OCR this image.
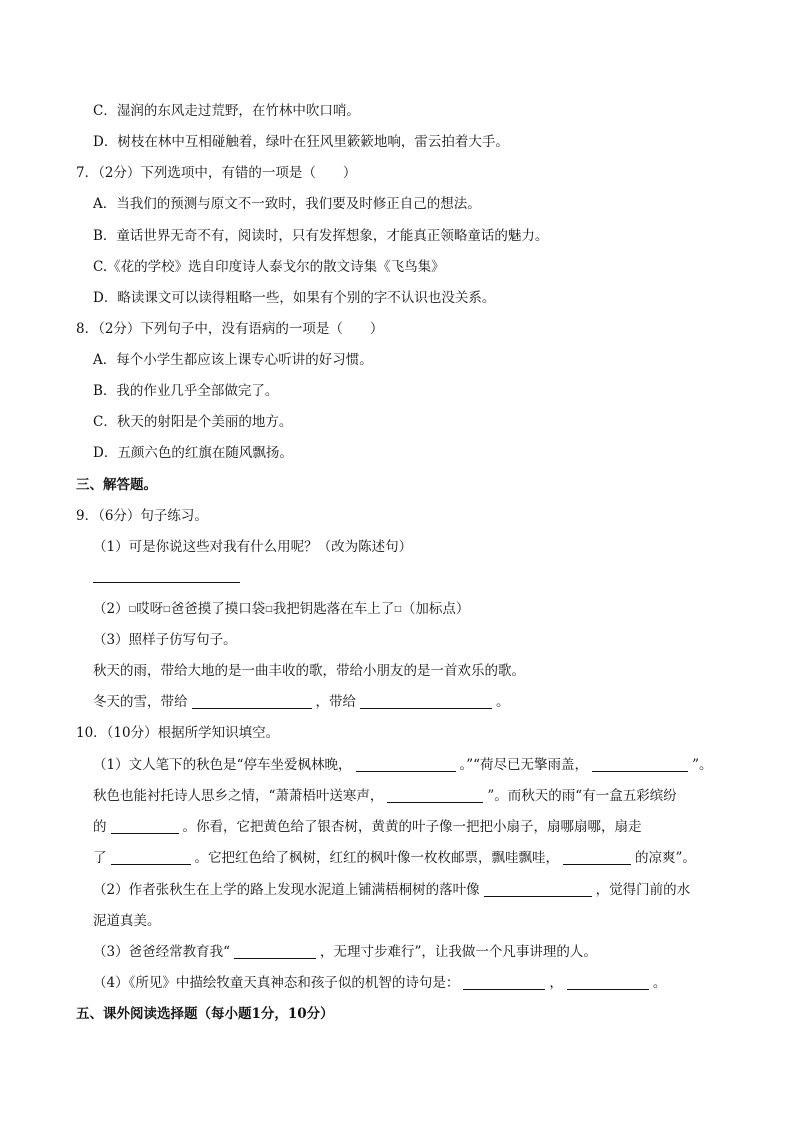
C．湿润的东风走过荒野，在竹林中吹口哨。
D．树枝在林中互相碰触着，绿叶在狂风里簌簌地响，雷云拍着大手。
7．（2分）下列选项中，有错的一项是（　　）
A．当我们的预测与原文不一致时，我们要及时修正自己的想法。
B．童话世界无奇不有，阅读时，只有发挥想象，才能真正领略童话的魅力。
C.《花的学校》选自印度诗人泰戈尔的散文诗集《飞鸟集》
D．略读课文可以读得粗略一些，如果有个别的字不认识也没关系。
8．（2分）下列句子中，没有语病的一项是（　　）
A．每个小学生都应该上课专心听讲的好习惯。
B．我的作业几乎全部做完了。
C．秋天的射阳是个美丽的地方。
D．五颜六色的红旗在随风飘扬。
三、解答题。
9．（6分）句子练习。
（1）可是你说这些对我有什么用呢？（改为陈述句）
（2）□哎呀□爸爸摸了摸口袋□我把钥匙落在车上了□（加标点）
（3）照样子仿写句子。
秋天的雨，带给大地的是一曲丰收的歌，带给小朋友的是一首欢乐的歌。
冬天的雪，带给	，带给	。
10．（10分）根据所学知识填空。
（1）文人笔下的秋色是“停车坐爱枫林晚，	。”“荷尽已无擎雨盖，	”。
秋色也能衬托诗人思乡之情，“萧萧梧叶送寒声，	”。而秋天的雨“有一盒五彩缤纷
的	。你看，它把黄色给了银杏树，黄黄的叶子像一把把小扇子，扇哪扇哪，扇走
了	。它把红色给了枫树，红红的枫叶像一枚枚邮票，飘哇飘哇，	的凉爽”。
（2）作者张秋生在上学的路上发现水泥道上铺满梧桐树的落叶像	，觉得门前的水
泥道真美。
（3）爸爸经常教育我“	，无理寸步难行”，让我做一个凡事讲理的人。
（4）《所见》中描绘牧童天真神态和孩子似的机智的诗句是：	，	。
五、课外阅读选择题（每小题1分，10分）
